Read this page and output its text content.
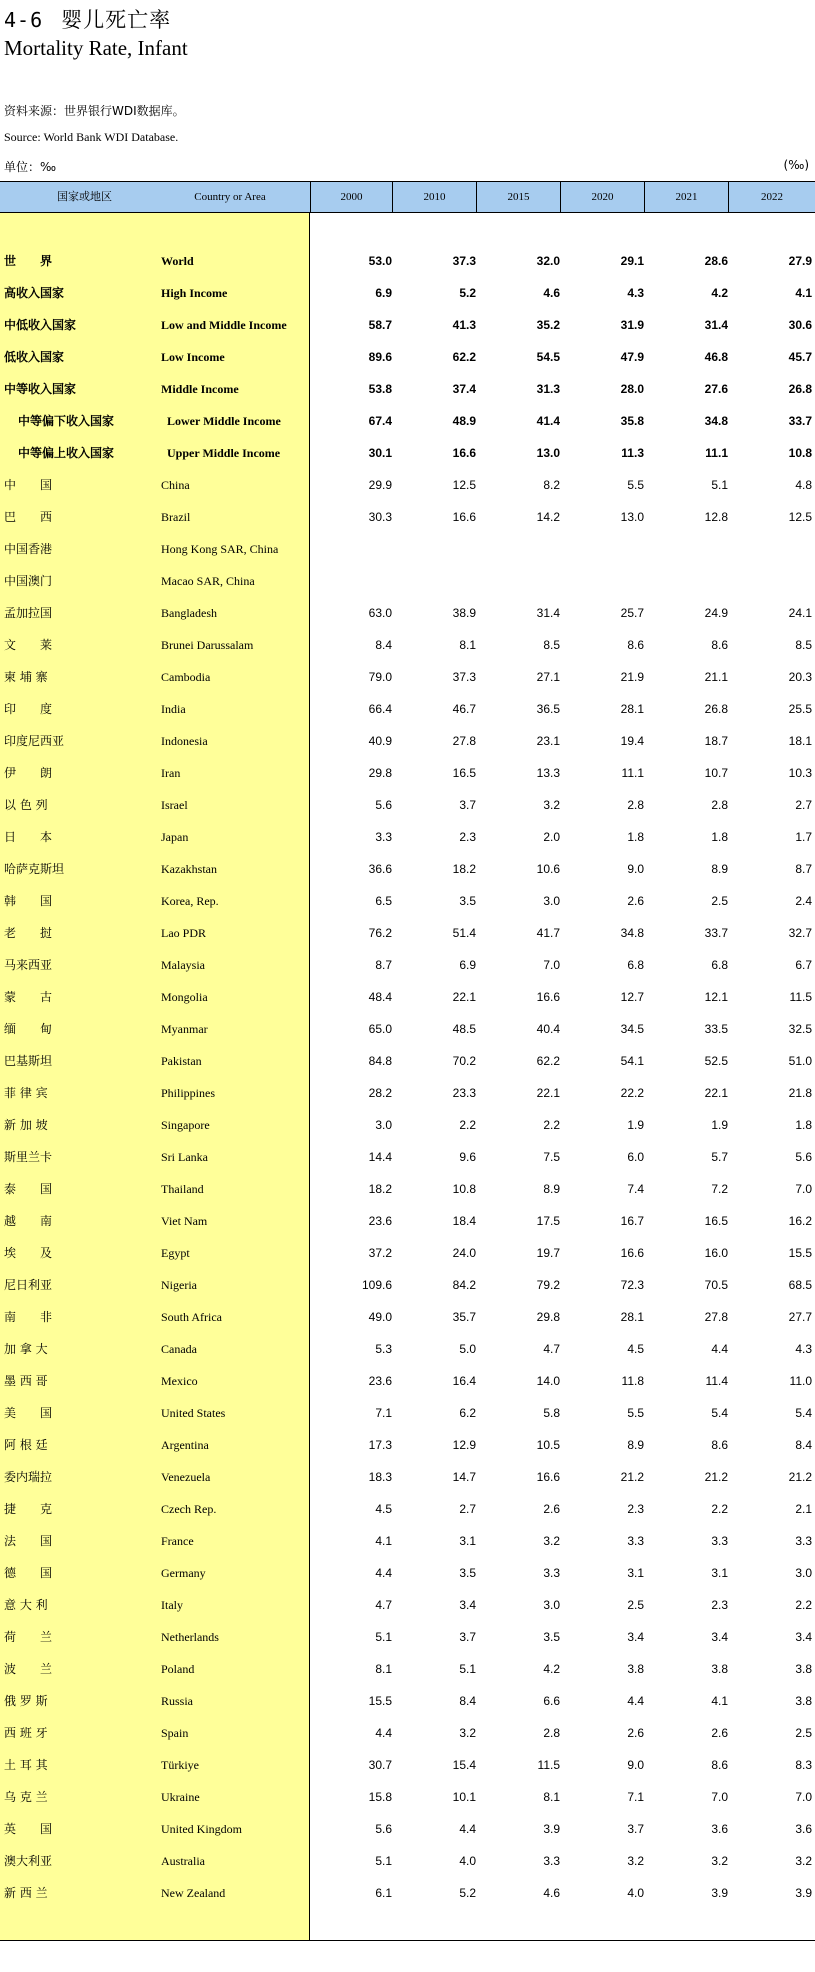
4-6 婴儿死亡率
Mortality Rate, Infant
资料来源：世界银行WDI数据库。
Source: World Bank WDI Database.
单位：‰	(‰)
国家或地区	Country or Area	2000	2010	2015	2020	2021	2022
世　　界	World	53.0	37.3	32.0	29.1	28.6	27.9
高收入国家	High Income	6.9	5.2	4.6	4.3	4.2	4.1
中低收入国家	Low and Middle Income	58.7	41.3	35.2	31.9	31.4	30.6
低收入国家	Low Income	89.6	62.2	54.5	47.9	46.8	45.7
中等收入国家	Middle Income	53.8	37.4	31.3	28.0	27.6	26.8
中等偏下收入国家	Lower Middle Income	67.4	48.9	41.4	35.8	34.8	33.7
中等偏上收入国家	Upper Middle Income	30.1	16.6	13.0	11.3	11.1	10.8
中　　国	China	29.9	12.5	8.2	5.5	5.1	4.8
巴　　西	Brazil	30.3	16.6	14.2	13.0	12.8	12.5
中国香港	Hong Kong SAR, China
中国澳门	Macao SAR, China
孟加拉国	Bangladesh	63.0	38.9	31.4	25.7	24.9	24.1
文　　莱	Brunei Darussalam	8.4	8.1	8.5	8.6	8.6	8.5
柬 埔 寨	Cambodia	79.0	37.3	27.1	21.9	21.1	20.3
印　　度	India	66.4	46.7	36.5	28.1	26.8	25.5
印度尼西亚	Indonesia	40.9	27.8	23.1	19.4	18.7	18.1
伊　　朗	Iran	29.8	16.5	13.3	11.1	10.7	10.3
以 色 列	Israel	5.6	3.7	3.2	2.8	2.8	2.7
日　　本	Japan	3.3	2.3	2.0	1.8	1.8	1.7
哈萨克斯坦	Kazakhstan	36.6	18.2	10.6	9.0	8.9	8.7
韩　　国	Korea, Rep.	6.5	3.5	3.0	2.6	2.5	2.4
老　　挝	Lao PDR	76.2	51.4	41.7	34.8	33.7	32.7
马来西亚	Malaysia	8.7	6.9	7.0	6.8	6.8	6.7
蒙　　古	Mongolia	48.4	22.1	16.6	12.7	12.1	11.5
缅　　甸	Myanmar	65.0	48.5	40.4	34.5	33.5	32.5
巴基斯坦	Pakistan	84.8	70.2	62.2	54.1	52.5	51.0
菲 律 宾	Philippines	28.2	23.3	22.1	22.2	22.1	21.8
新 加 坡	Singapore	3.0	2.2	2.2	1.9	1.9	1.8
斯里兰卡	Sri Lanka	14.4	9.6	7.5	6.0	5.7	5.6
泰　　国	Thailand	18.2	10.8	8.9	7.4	7.2	7.0
越　　南	Viet Nam	23.6	18.4	17.5	16.7	16.5	16.2
埃　　及	Egypt	37.2	24.0	19.7	16.6	16.0	15.5
尼日利亚	Nigeria	109.6	84.2	79.2	72.3	70.5	68.5
南　　非	South Africa	49.0	35.7	29.8	28.1	27.8	27.7
加 拿 大	Canada	5.3	5.0	4.7	4.5	4.4	4.3
墨 西 哥	Mexico	23.6	16.4	14.0	11.8	11.4	11.0
美　　国	United States	7.1	6.2	5.8	5.5	5.4	5.4
阿 根 廷	Argentina	17.3	12.9	10.5	8.9	8.6	8.4
委内瑞拉	Venezuela	18.3	14.7	16.6	21.2	21.2	21.2
捷　　克	Czech Rep.	4.5	2.7	2.6	2.3	2.2	2.1
法　　国	France	4.1	3.1	3.2	3.3	3.3	3.3
德　　国	Germany	4.4	3.5	3.3	3.1	3.1	3.0
意 大 利	Italy	4.7	3.4	3.0	2.5	2.3	2.2
荷　　兰	Netherlands	5.1	3.7	3.5	3.4	3.4	3.4
波　　兰	Poland	8.1	5.1	4.2	3.8	3.8	3.8
俄 罗 斯	Russia	15.5	8.4	6.6	4.4	4.1	3.8
西 班 牙	Spain	4.4	3.2	2.8	2.6	2.6	2.5
土 耳 其	Türkiye	30.7	15.4	11.5	9.0	8.6	8.3
乌 克 兰	Ukraine	15.8	10.1	8.1	7.1	7.0	7.0
英　　国	United Kingdom	5.6	4.4	3.9	3.7	3.6	3.6
澳大利亚	Australia	5.1	4.0	3.3	3.2	3.2	3.2
新 西 兰	New Zealand	6.1	5.2	4.6	4.0	3.9	3.9
